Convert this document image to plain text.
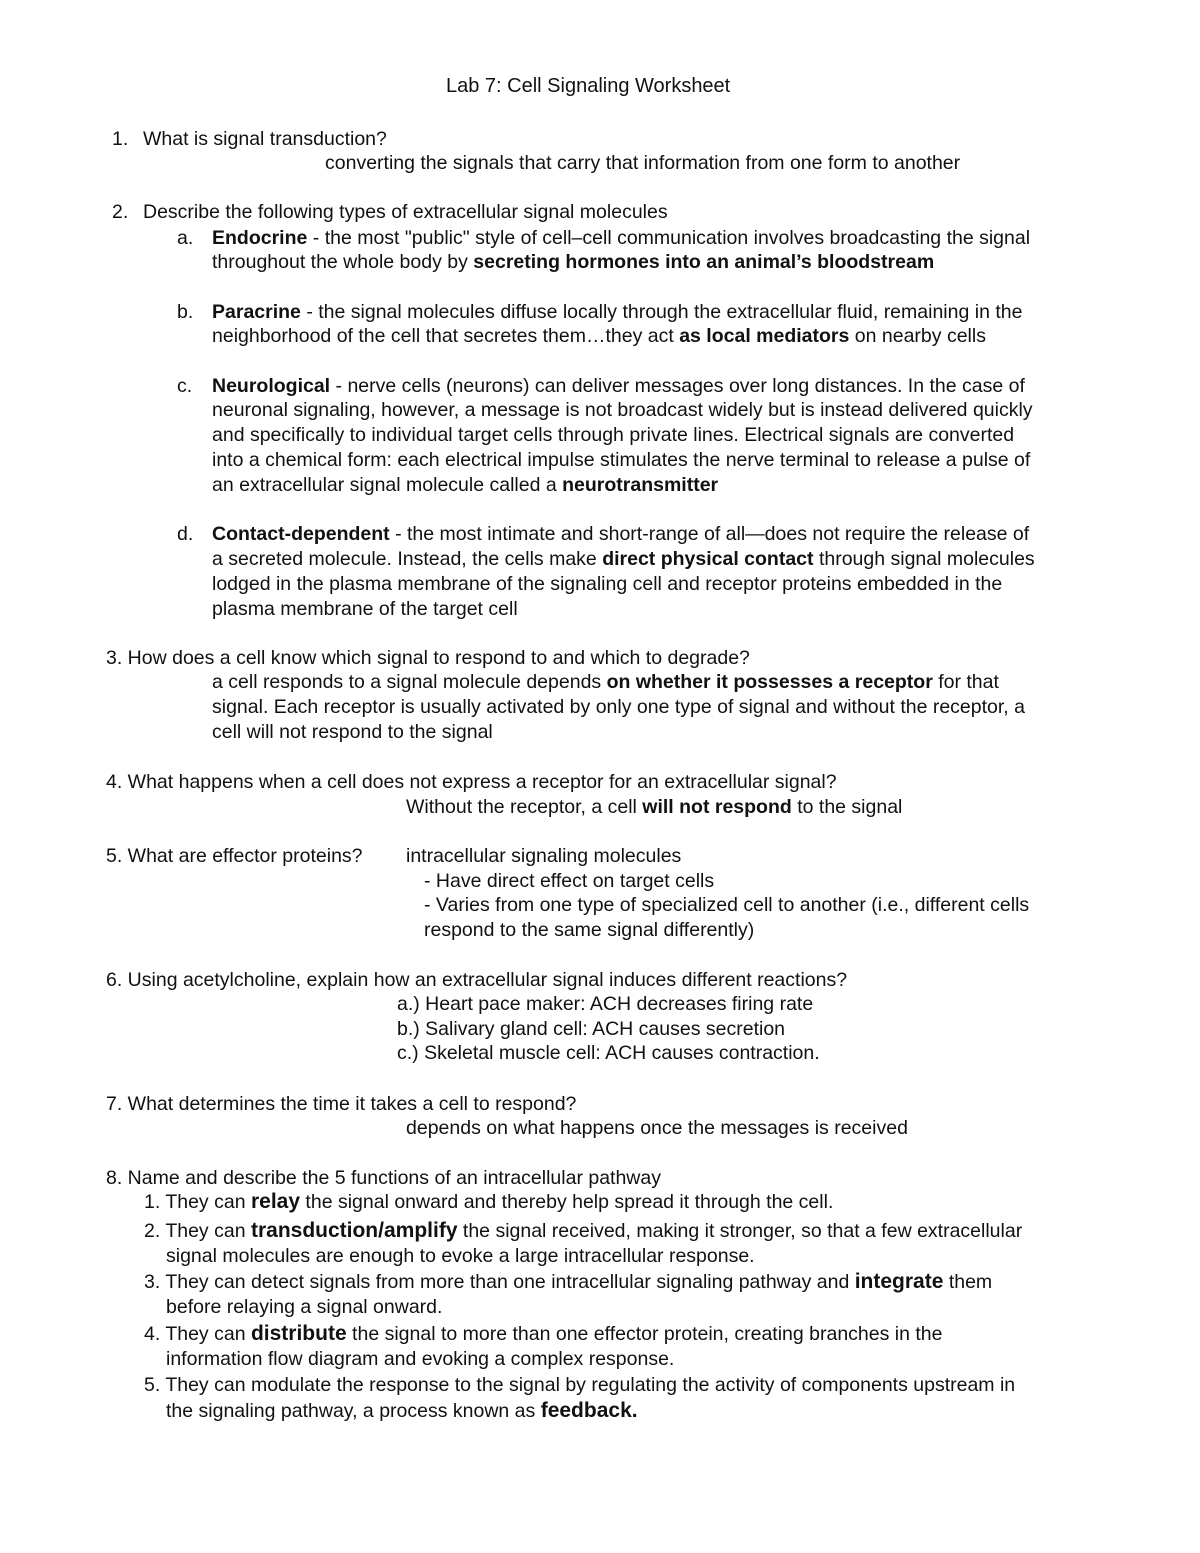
Lab 7: Cell Signaling Worksheet
1. What is signal transduction?
converting the signals that carry that information from one form to another
2. Describe the following types of extracellular signal molecules
a. Endocrine - the most "public" style of cell–cell communication involves broadcasting the signal
throughout the whole body by secreting hormones into an animal’s bloodstream
b. Paracrine - the signal molecules diffuse locally through the extracellular fluid, remaining in the
neighborhood of the cell that secretes them…they act as local mediators on nearby cells
c. Neurological - nerve cells (neurons) can deliver messages over long distances. In the case of
neuronal signaling, however, a message is not broadcast widely but is instead delivered quickly
and specifically to individual target cells through private lines. Electrical signals are converted
into a chemical form: each electrical impulse stimulates the nerve terminal to release a pulse of
an extracellular signal molecule called a neurotransmitter
d. Contact-dependent - the most intimate and short-range of all—does not require the release of
a secreted molecule. Instead, the cells make direct physical contact through signal molecules
lodged in the plasma membrane of the signaling cell and receptor proteins embedded in the
plasma membrane of the target cell
3. How does a cell know which signal to respond to and which to degrade?
a cell responds to a signal molecule depends on whether it possesses a receptor for that
signal. Each receptor is usually activated by only one type of signal and without the receptor, a
cell will not respond to the signal
4. What happens when a cell does not express a receptor for an extracellular signal?
Without the receptor, a cell will not respond to the signal
5. What are effector proteins? intracellular signaling molecules
- Have direct effect on target cells
- Varies from one type of specialized cell to another (i.e., different cells
respond to the same signal differently)
6. Using acetylcholine, explain how an extracellular signal induces different reactions?
a.) Heart pace maker: ACH decreases firing rate
b.) Salivary gland cell: ACH causes secretion
c.) Skeletal muscle cell: ACH causes contraction.
7. What determines the time it takes a cell to respond?
depends on what happens once the messages is received
8. Name and describe the 5 functions of an intracellular pathway
1. They can relay the signal onward and thereby help spread it through the cell.
2. They can transduction/amplify the signal received, making it stronger, so that a few extracellular
signal molecules are enough to evoke a large intracellular response.
3. They can detect signals from more than one intracellular signaling pathway and integrate them
before relaying a signal onward.
4. They can distribute the signal to more than one effector protein, creating branches in the
information flow diagram and evoking a complex response.
5. They can modulate the response to the signal by regulating the activity of components upstream in
the signaling pathway, a process known as feedback.
